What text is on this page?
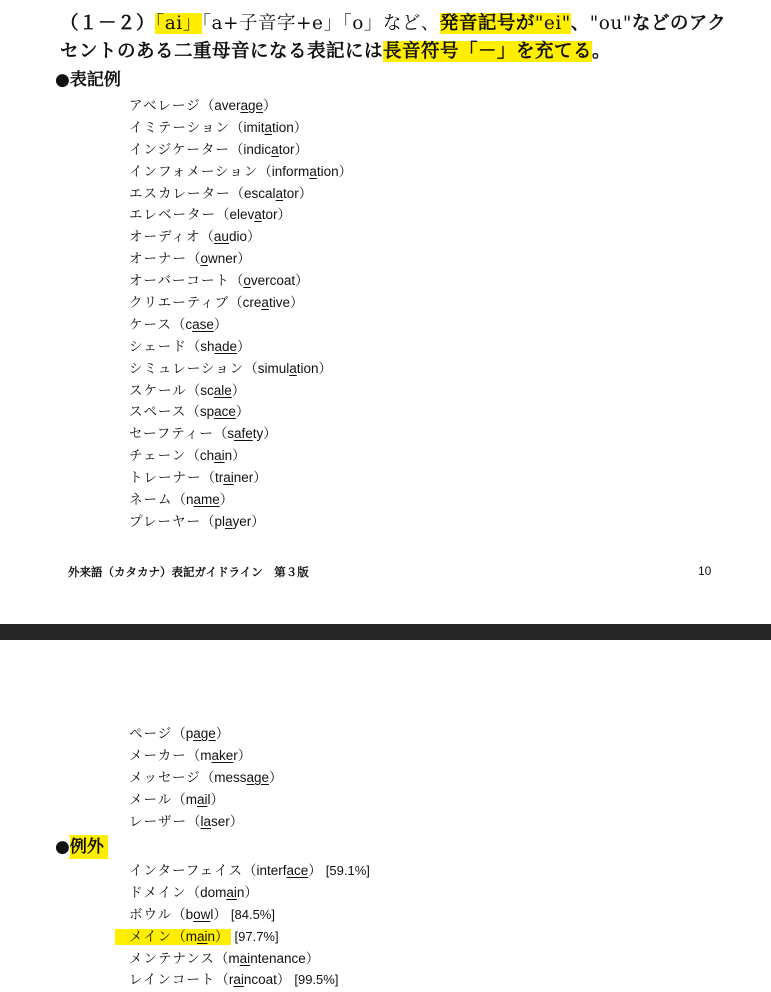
（１－２）「ai」「a+子音字+e」「o」など、発音記号が"ei"、"ou"などのアク
セントのある二重母音になる表記には長音符号「－」を充てる。
●表記例
アベレージ（average）
イミテーション（imitation）
インジケーター（indicator）
インフォメーション（information）
エスカレーター（escalator）
エレベーター（elevator）
オーディオ（audio）
オーナー（owner）
オーバーコート（overcoat）
クリエーティブ（creative）
ケース（case）
シェード（shade）
シミュレーション（simulation）
スケール（scale）
スペース（space）
セーフティー（safety）
チェーン（chain）
トレーナー（trainer）
ネーム（name）
プレーヤー（player）
外来語（カタカナ）表記ガイドライン　第３版	10
ページ（page）
メーカー（maker）
メッセージ（message）
メール（mail）
レーザー（laser）
●例外
インターフェイス（interface） [59.1%]
ドメイン（domain）
ボウル（bowl） [84.5%]
メイン（main） [97.7%]
メンテナンス（maintenance）
レインコート（raincoat） [99.5%]
